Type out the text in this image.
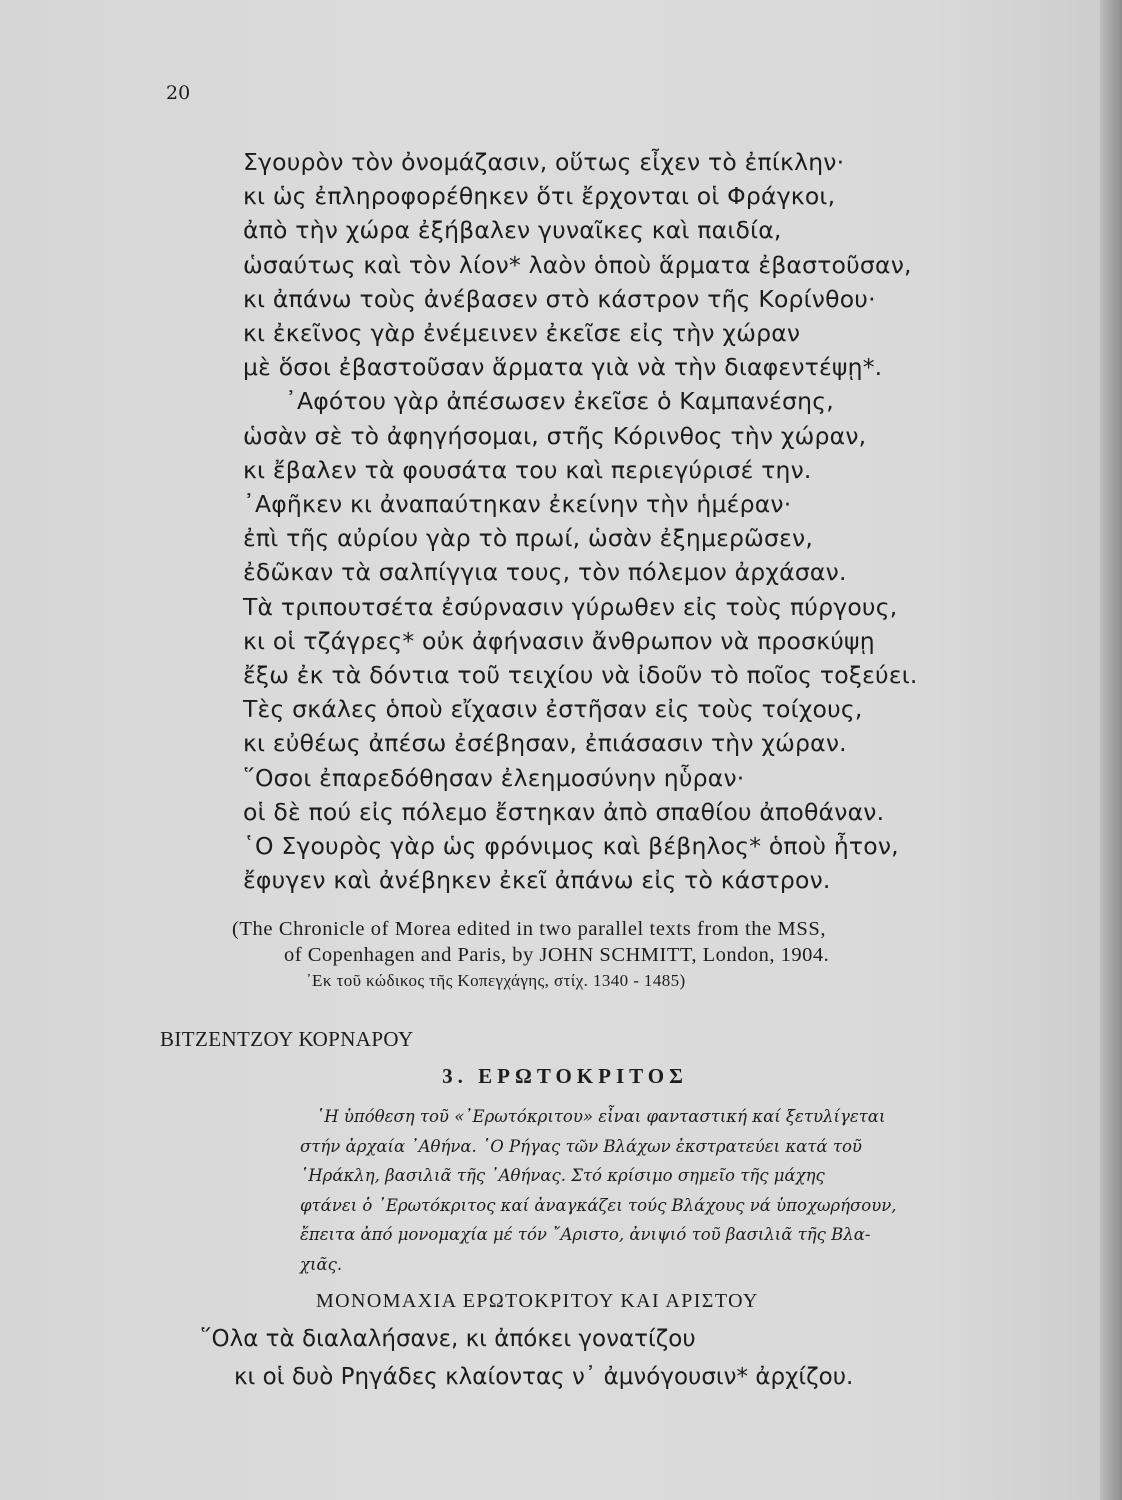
20
Σγουρὸν τὸν ὀνομάζασιν, οὕτως εἶχεν τὸ ἐπίκλην·
κι ὡς ἐπληροφορέθηκεν ὅτι ἔρχονται οἱ Φράγκοι,
ἀπὸ τὴν χώρα ἐξήβαλεν γυναῖκες καὶ παιδία,
ὡσαύτως καὶ τὸν λίον* λαὸν ὁποὺ ἅρματα ἐβαστοῦσαν,
κι ἀπάνω τοὺς ἀνέβασεν στὸ κάστρον τῆς Κορίνθου·
κι ἐκεῖνος γὰρ ἐνέμεινεν ἐκεῖσε εἰς τὴν χώραν
μὲ ὅσοι ἐβαστοῦσαν ἅρματα γιὰ νὰ τὴν διαφεντέψῃ*.
᾿Αφότου γὰρ ἀπέσωσεν ἐκεῖσε ὁ Καμπανέσης,
ὡσὰν σὲ τὸ ἀφηγήσομαι, στῆς Κόρινθος τὴν χώραν,
κι ἔβαλεν τὰ φουσάτα του καὶ περιεγύρισέ την.
᾿Αφῆκεν κι ἀναπαύτηκαν ἐκείνην τὴν ἡμέραν·
ἐπὶ τῆς αὐρίου γὰρ τὸ πρωί, ὡσὰν ἐξημερῶσεν,
ἐδῶκαν τὰ σαλπίγγια τους, τὸν πόλεμον ἀρχάσαν.
Τὰ τριπουτσέτα ἐσύρνασιν γύρωθεν εἰς τοὺς πύργους,
κι οἱ τζάγρες* οὐκ ἀφήνασιν ἄνθρωπον νὰ προσκύψῃ
ἔξω ἐκ τὰ δόντια τοῦ τειχίου νὰ ἰδοῦν τὸ ποῖος τοξεύει.
Τὲς σκάλες ὁποὺ εἴχασιν ἐστῆσαν εἰς τοὺς τοίχους,
κι εὐθέως ἀπέσω ἐσέβησαν, ἐπιάσασιν τὴν χώραν.
῞Οσοι ἐπαρεδόθησαν ἐλεημοσύνην ηὗραν·
οἱ δὲ πού εἰς πόλεμο ἔστηκαν ἀπὸ σπαθίου ἀποθάναν.
῾Ο Σγουρὸς γὰρ ὡς φρόνιμος καὶ βέβηλος* ὁποὺ ἦτον,
ἔφυγεν καὶ ἀνέβηκεν ἐκεῖ ἀπάνω εἰς τὸ κάστρον.
(The Chronicle of Morea edited in two parallel texts from the MSS,
of Copenhagen and Paris, by JOHN SCHMITT, London, 1904.
᾿Εκ τοῦ κώδικος τῆς Κοπεγχάγης, στίχ. 1340 - 1485)
ΒΙΤΖΕΝΤΖΟΥ ΚΟΡΝΑΡΟΥ
3. ΕΡΩΤΟΚΡΙΤΟΣ
῾Η ὑπόθεση τοῦ «᾿Ερωτόκριτου» εἶναι φανταστική καί ξετυλίγεται
στήν ἀρχαία ᾿Αθήνα. ῾Ο Ρήγας τῶν Βλάχων ἐκστρατεύει κατά τοῦ
῾Ηράκλη, βασιλιᾶ τῆς ᾿Αθήνας. Στό κρίσιμο σημεῖο τῆς μάχης
φτάνει ὁ ᾿Ερωτόκριτος καί ἀναγκάζει τούς Βλάχους νά ὑποχωρήσουν,
ἔπειτα ἀπό μονομαχία μέ τόν ῎Αριστο, ἀνιψιό τοῦ βασιλιᾶ τῆς Βλα-
χιᾶς.
ΜΟΝΟΜΑΧΙΑ ΕΡΩΤΟΚΡΙΤΟΥ ΚΑΙ ΑΡΙΣΤΟΥ
῞Ολα τὰ διαλαλήσανε, κι ἀπόκει γονατίζου
κι οἱ δυὸ Ρηγάδες κλαίοντας ν᾿ ἀμνόγουσιν* ἀρχίζου.
